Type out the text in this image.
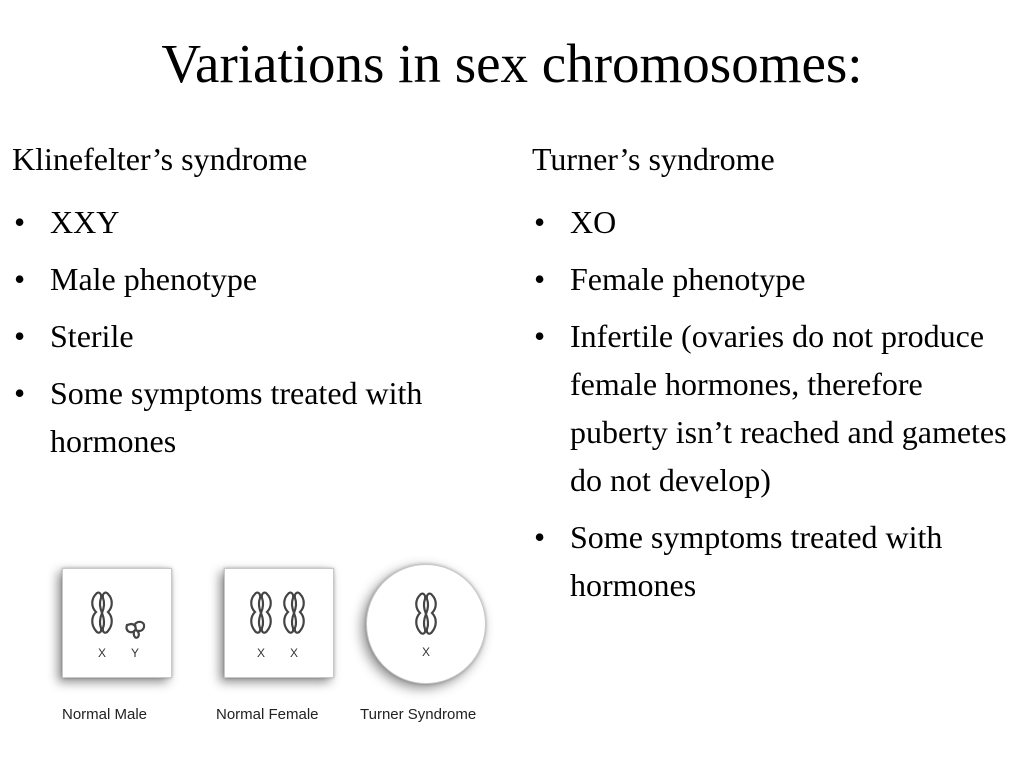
Variations in sex chromosomes:
Klinefelter’s syndrome
• XXY
• Male phenotype
• Sterile
• Some symptoms treated with hormones
Turner’s syndrome
• XO
• Female phenotype
• Infertile (ovaries do not produce female hormones, therefore puberty isn’t reached and gametes do not develop)
• Some symptoms treated with hormones
X Y
Normal Male
X X
Normal Female
X
Turner Syndrome
